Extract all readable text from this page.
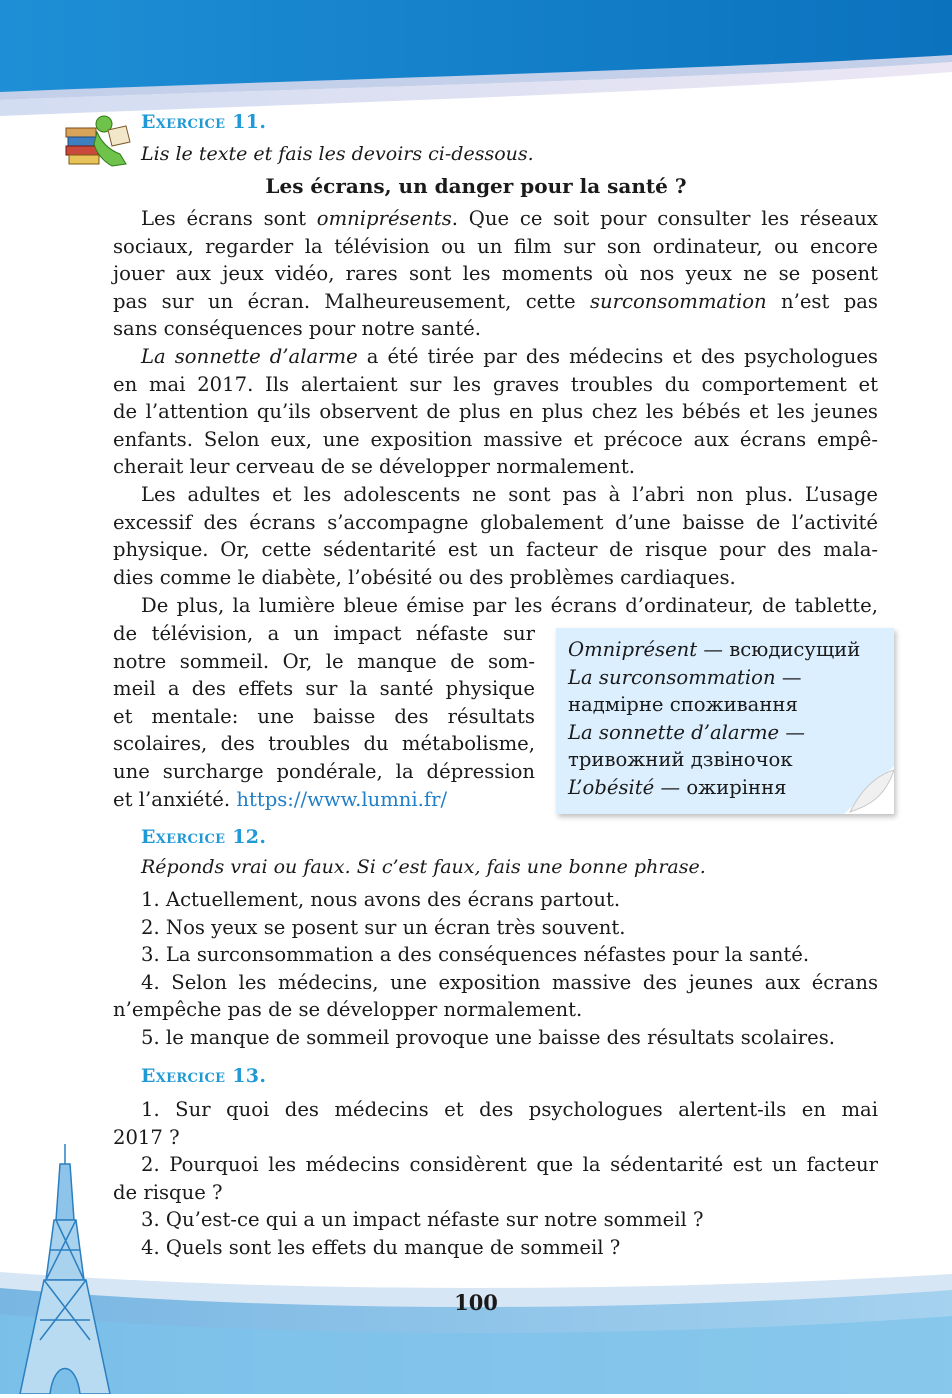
Exercice 11.
Lis le texte et fais les devoirs ci-dessous.
Les écrans, un danger pour la santé ?
Les écrans sont omniprésents. Que ce soit pour consulter les réseaux
sociaux, regarder la télévision ou un film sur son ordinateur, ou encore
jouer aux jeux vidéo, rares sont les moments où nos yeux ne se posent
pas sur un écran. Malheureusement, cette surconsommation n’est pas
sans conséquences pour notre santé.
La sonnette d’alarme a été tirée par des médecins et des psychologues
en mai 2017. Ils alertaient sur les graves troubles du comportement et
de l’attention qu’ils observent de plus en plus chez les bébés et les jeunes
enfants. Selon eux, une exposition massive et précoce aux écrans empê-
cherait leur cerveau de se développer normalement.
Les adultes et les adolescents ne sont pas à l’abri non plus. L’usage
excessif des écrans s’accompagne globalement d’une baisse de l’activité
physique. Or, cette sédentarité est un facteur de risque pour des mala-
dies comme le diabète, l’obésité ou des problèmes cardiaques.
De plus, la lumière bleue émise par les écrans d’ordinateur, de tablette,
de télévision, a un impact néfaste sur
notre sommeil. Or, le manque de som-
meil a des effets sur la santé physique
et mentale: une baisse des résultats
scolaires, des troubles du métabolisme,
une surcharge pondérale, la dépression
et l’anxiété. https://www.lumni.fr/
Omniprésent — всюдисущий
La surconsommation —
надмірне споживання
La sonnette d’alarme —
тривожний дзвіночок
L’obésité — ожиріння
Exercice 12.
Réponds vrai ou faux. Si c’est faux, fais une bonne phrase.
1. Actuellement, nous avons des écrans partout.
2. Nos yeux se posent sur un écran très souvent.
3. La surconsommation a des conséquences néfastes pour la santé.
4. Selon les médecins, une exposition massive des jeunes aux écrans
n’empêche pas de se développer normalement.
5. le manque de sommeil provoque une baisse des résultats scolaires.
Exercice 13.
1. Sur quoi des médecins et des psychologues alertent-ils en mai
2017 ?
2. Pourquoi les médecins considèrent que la sédentarité est un facteur
de risque ?
3. Qu’est-ce qui a un impact néfaste sur notre sommeil ?
4. Quels sont les effets du manque de sommeil ?
100
